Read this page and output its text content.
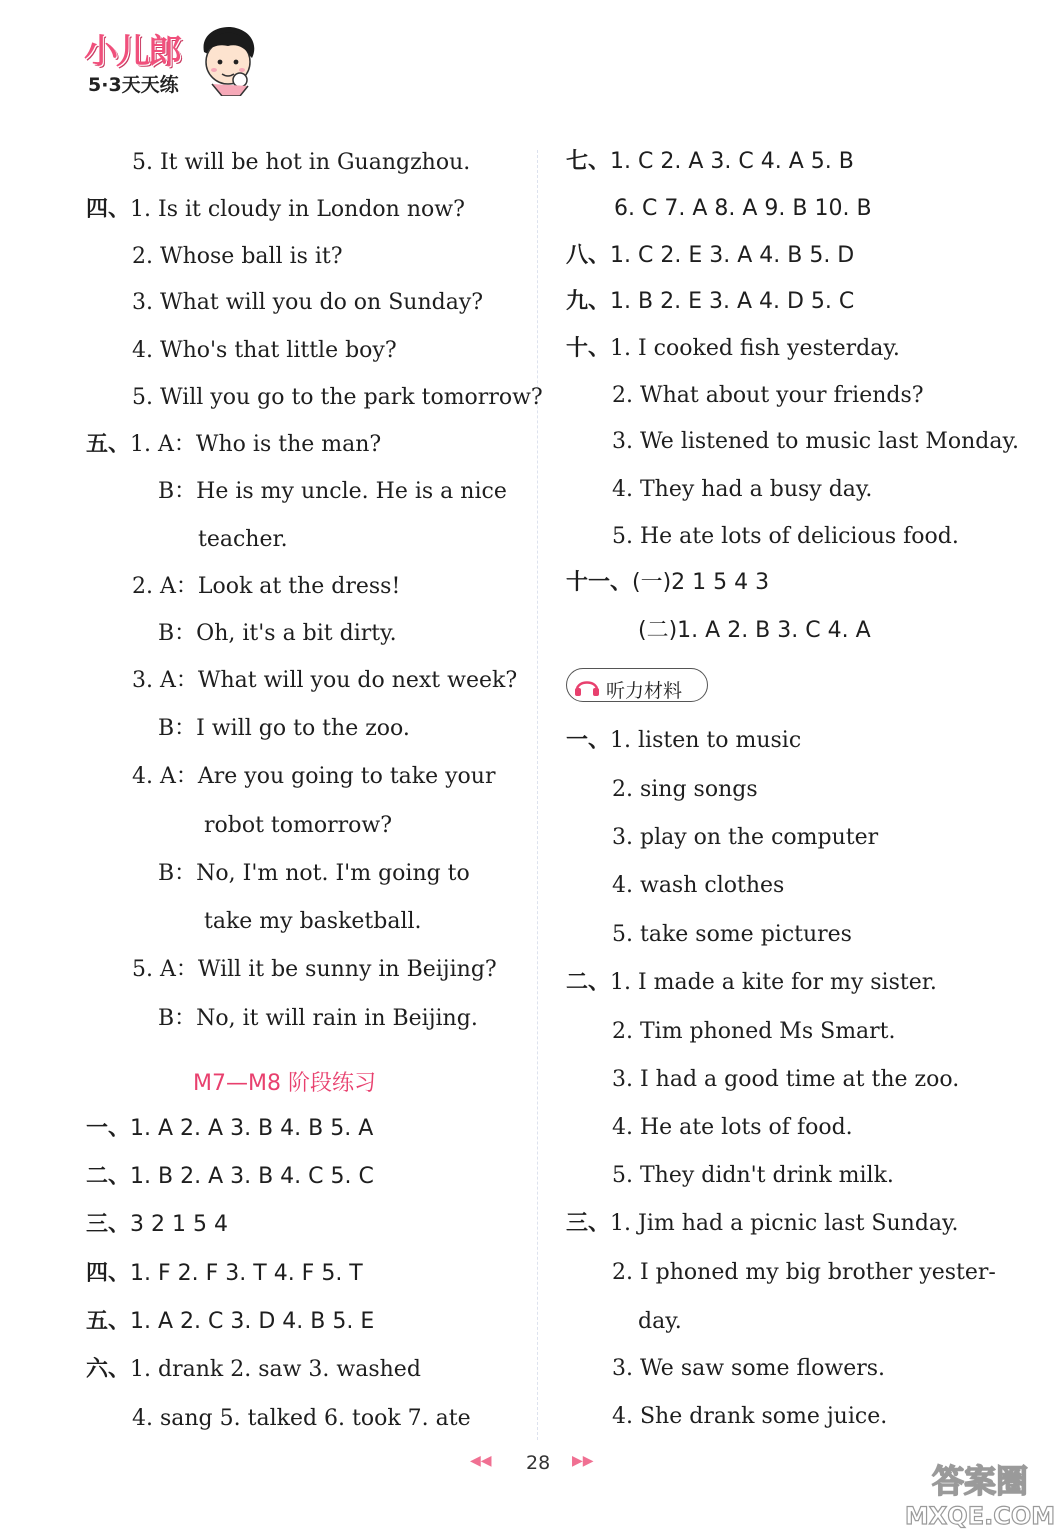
小儿郎
5·3天天练
5. It will be hot in Guangzhou.
四、1. Is it cloudy in London now?
2. Whose ball is it?
3. What will you do on Sunday?
4. Who's that little boy?
5. Will you go to the park tomorrow?
五、1. A：Who is the man?
B：He is my uncle. He is a nice
teacher.
2. A：Look at the dress!
B：Oh, it's a bit dirty.
3. A：What will you do next week?
B：I will go to the zoo.
4. A：Are you going to take your
robot tomorrow?
B：No, I'm not. I'm going to
take my basketball.
5. A：Will it be sunny in Beijing?
B：No, it will rain in Beijing.
M7—M8 阶段练习
一、1. A 2. A 3. B 4. B 5. A
二、1. B 2. A 3. B 4. C 5. C
三、3 2 1 5 4
四、1. F 2. F 3. T 4. F 5. T
五、1. A 2. C 3. D 4. B 5. E
六、1. drank 2. saw 3. washed
4. sang 5. talked 6. took 7. ate
七、1. C 2. A 3. C 4. A 5. B
6. C 7. A 8. A 9. B 10. B
八、1. C 2. E 3. A 4. B 5. D
九、1. B 2. E 3. A 4. D 5. C
十、1. I cooked fish yesterday.
2. What about your friends?
3. We listened to music last Monday.
4. They had a busy day.
5. He ate lots of delicious food.
十一、(一)2 1 5 4 3
(二)1. A 2. B 3. C 4. A
听力材料
一、1. listen to music
2. sing songs
3. play on the computer
4. wash clothes
5. take some pictures
二、1. I made a kite for my sister.
2. Tim phoned Ms Smart.
3. I had a good time at the zoo.
4. He ate lots of food.
5. They didn't drink milk.
三、1. Jim had a picnic last Sunday.
2. I phoned my big brother yester-
day.
3. We saw some flowers.
4. She drank some juice.
◀◀ 28 ▶▶
答案圈
MXQE.COM
